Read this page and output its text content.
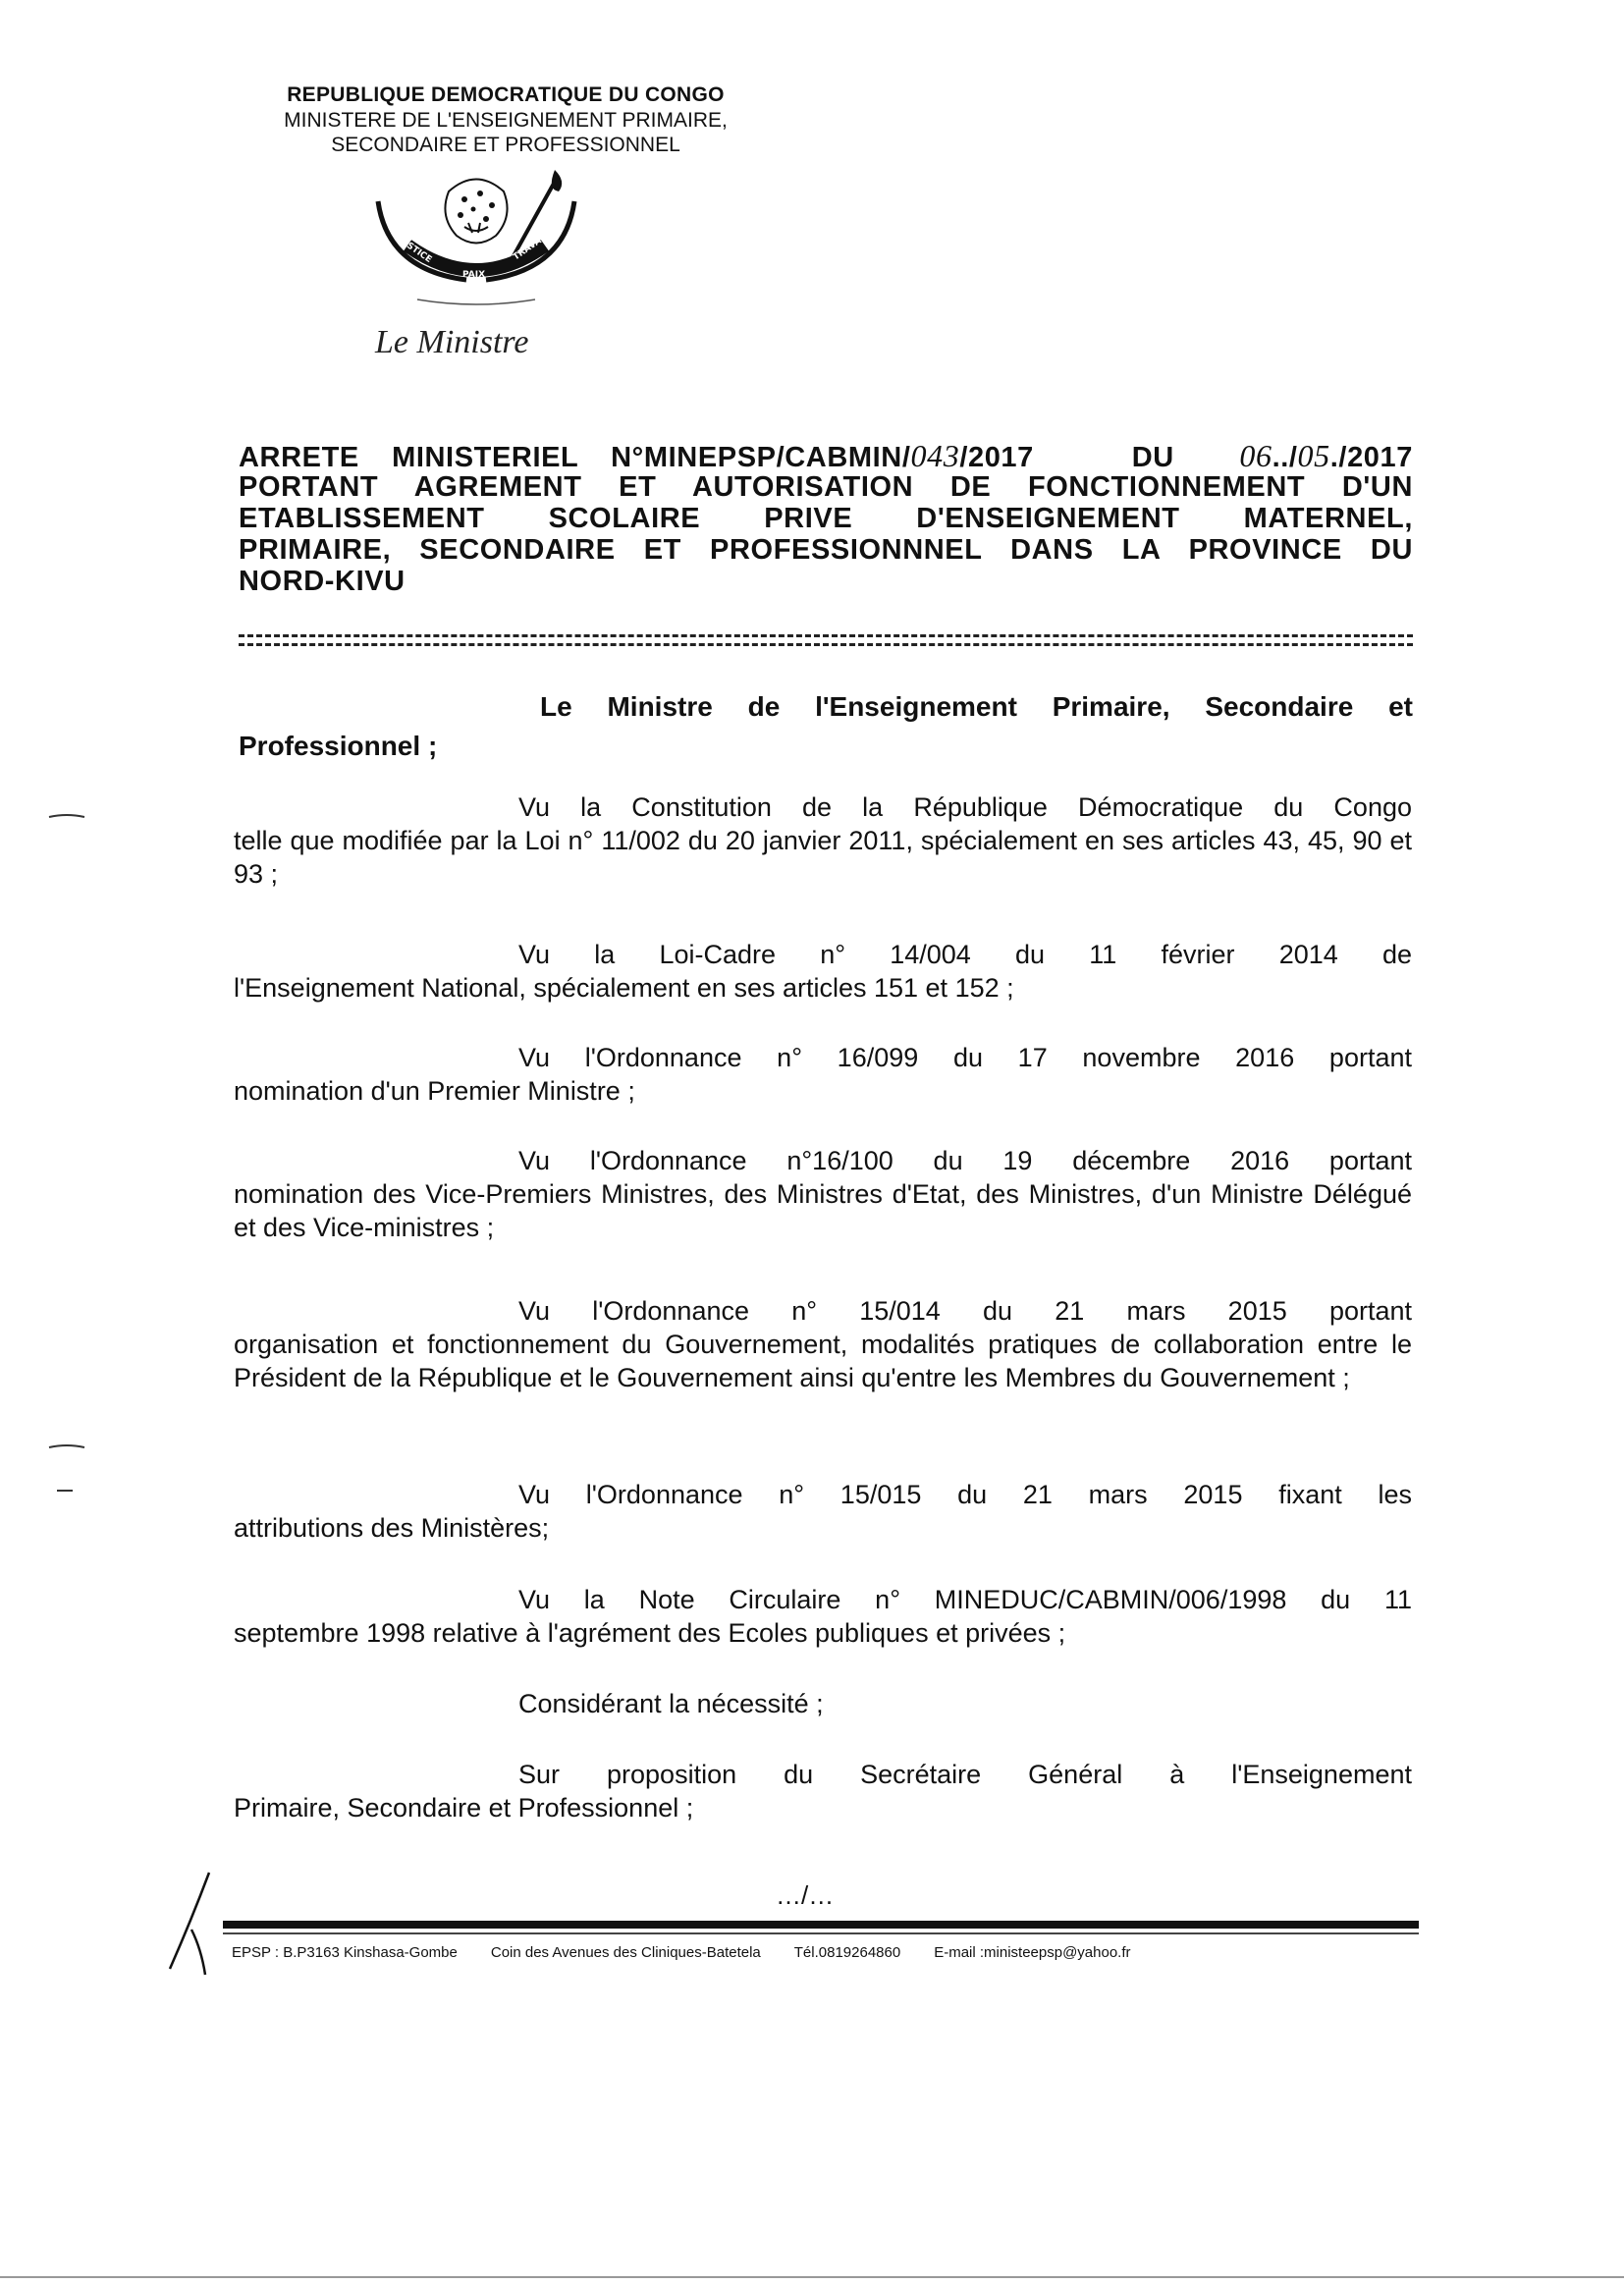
REPUBLIQUE DEMOCRATIQUE DU CONGO
MINISTERE DE L'ENSEIGNEMENT PRIMAIRE,
SECONDAIRE ET PROFESSIONNEL
JUSTICE
PAIX
TRAVAIL
Le Ministre
ARRETE MINISTERIEL N°MINEPSP/CABMIN/043/2017	DU 06../05./2017
PORTANT AGREMENT ET AUTORISATION DE FONCTIONNEMENT D'UN
ETABLISSEMENT SCOLAIRE PRIVE D'ENSEIGNEMENT MATERNEL,
PRIMAIRE, SECONDAIRE ET PROFESSIONNNEL DANS LA PROVINCE DU
NORD-KIVU
Le Ministre de l'Enseignement Primaire, Secondaire et
Professionnel ;
Vu la Constitution de la République Démocratique du Congo
telle que modifiée par la Loi n° 11/002 du 20 janvier 2011, spécialement en ses articles 43, 45, 90 et 93 ;
Vu la Loi-Cadre n° 14/004 du 11 février 2014 de
l'Enseignement National, spécialement en ses articles 151 et 152 ;
Vu l'Ordonnance n° 16/099 du 17 novembre 2016 portant
nomination d'un Premier Ministre ;
Vu l'Ordonnance n°16/100 du 19 décembre 2016 portant
nomination des Vice-Premiers Ministres, des Ministres d'Etat, des Ministres, d'un Ministre Délégué et des Vice-ministres ;
Vu l'Ordonnance n° 15/014 du 21 mars 2015 portant
organisation et fonctionnement du Gouvernement, modalités pratiques de collaboration entre le Président de la République et le Gouvernement ainsi qu'entre les Membres du Gouvernement ;
Vu l'Ordonnance n° 15/015 du 21 mars 2015 fixant les
attributions des Ministères;
Vu la Note Circulaire n° MINEDUC/CABMIN/006/1998 du 11
septembre 1998 relative à l'agrément des Ecoles publiques et privées ;
Considérant la nécessité ;
Sur proposition du Secrétaire Général à l'Enseignement
Primaire, Secondaire et Professionnel ;
…/…
EPSP : B.P3163 Kinshasa-Gombe Coin des Avenues des Cliniques-Batetela Tél.0819264860 E-mail :ministeepsp@yahoo.fr
